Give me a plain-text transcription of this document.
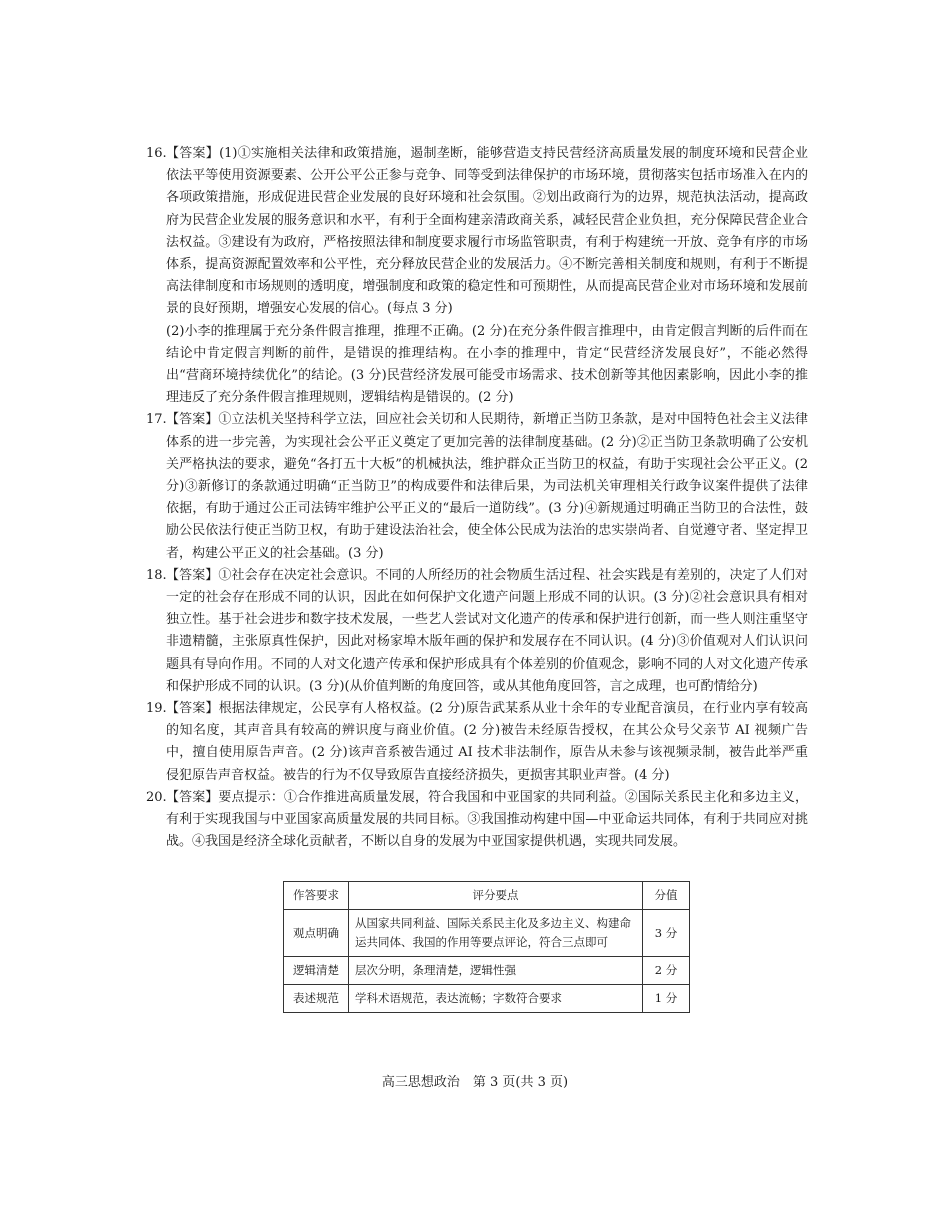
16. 【答案】(1)①实施相关法律和政策措施，遏制垄断，能够营造支持民营经济高质量发展的制度环境和民营企业依法平等使用资源要素、公开公平公正参与竞争、同等受到法律保护的市场环境，贯彻落实包括市场准入在内的各项政策措施，形成促进民营企业发展的良好环境和社会氛围。②划出政商行为的边界，规范执法活动，提高政府为民营企业发展的服务意识和水平，有利于全面构建亲清政商关系，减轻民营企业负担，充分保障民营企业合法权益。③建设有为政府，严格按照法律和制度要求履行市场监管职责，有利于构建统一开放、竞争有序的市场体系，提高资源配置效率和公平性，充分释放民营企业的发展活力。④不断完善相关制度和规则，有利于不断提高法律制度和市场规则的透明度，增强制度和政策的稳定性和可预期性，从而提高民营企业对市场环境和发展前景的良好预期，增强安心发展的信心。(每点 3 分)

(2)小李的推理属于充分条件假言推理，推理不正确。(2 分)在充分条件假言推理中，由肯定假言判断的后件而在结论中肯定假言判断的前件，是错误的推理结构。在小李的推理中，肯定“民营经济发展良好”，不能必然得出“营商环境持续优化”的结论。(3 分)民营经济发展可能受市场需求、技术创新等其他因素影响，因此小李的推理违反了充分条件假言推理规则，逻辑结构是错误的。(2 分)

17. 【答案】①立法机关坚持科学立法，回应社会关切和人民期待，新增正当防卫条款，是对中国特色社会主义法律体系的进一步完善，为实现社会公平正义奠定了更加完善的法律制度基础。(2 分)②正当防卫条款明确了公安机关严格执法的要求，避免“各打五十大板”的机械执法，维护群众正当防卫的权益，有助于实现社会公平正义。(2 分)③新修订的条款通过明确“正当防卫”的构成要件和法律后果，为司法机关审理相关行政争议案件提供了法律依据，有助于通过公正司法铸牢维护公平正义的“最后一道防线”。(3 分)④新规通过明确正当防卫的合法性，鼓励公民依法行使正当防卫权，有助于建设法治社会，使全体公民成为法治的忠实崇尚者、自觉遵守者、坚定捍卫者，构建公平正义的社会基础。(3 分)

18. 【答案】①社会存在决定社会意识。不同的人所经历的社会物质生活过程、社会实践是有差别的，决定了人们对一定的社会存在形成不同的认识，因此在如何保护文化遗产问题上形成不同的认识。(3 分)②社会意识具有相对独立性。基于社会进步和数字技术发展，一些艺人尝试对文化遗产的传承和保护进行创新，而一些人则注重坚守非遗精髓，主张原真性保护，因此对杨家埠木版年画的保护和发展存在不同认识。(4 分)③价值观对人们认识问题具有导向作用。不同的人对文化遗产传承和保护形成具有个体差别的价值观念，影响不同的人对文化遗产传承和保护形成不同的认识。(3 分)(从价值判断的角度回答，或从其他角度回答，言之成理，也可酌情给分)

19. 【答案】根据法律规定，公民享有人格权益。(2 分)原告武某系从业十余年的专业配音演员，在行业内享有较高的知名度，其声音具有较高的辨识度与商业价值。(2 分)被告未经原告授权，在其公众号父亲节 AI 视频广告中，擅自使用原告声音。(2 分)该声音系被告通过 AI 技术非法制作，原告从未参与该视频录制，被告此举严重侵犯原告声音权益。被告的行为不仅导致原告直接经济损失，更损害其职业声誉。(4 分)

20. 【答案】要点提示：①合作推进高质量发展，符合我国和中亚国家的共同利益。②国际关系民主化和多边主义，有利于实现我国与中亚国家高质量发展的共同目标。③我国推动构建中国—中亚命运共同体，有利于共同应对挑战。④我国是经济全球化贡献者，不断以自身的发展为中亚国家提供机遇，实现共同发展。

作答要求	评分要点	分值
观点明确	从国家共同利益、国际关系民主化及多边主义、构建命运共同体、我国的作用等要点评论，符合三点即可	3 分
逻辑清楚	层次分明，条理清楚，逻辑性强	2 分
表述规范	学科术语规范，表达流畅；字数符合要求	1 分
高三思想政治　第 3 页(共 3 页)
